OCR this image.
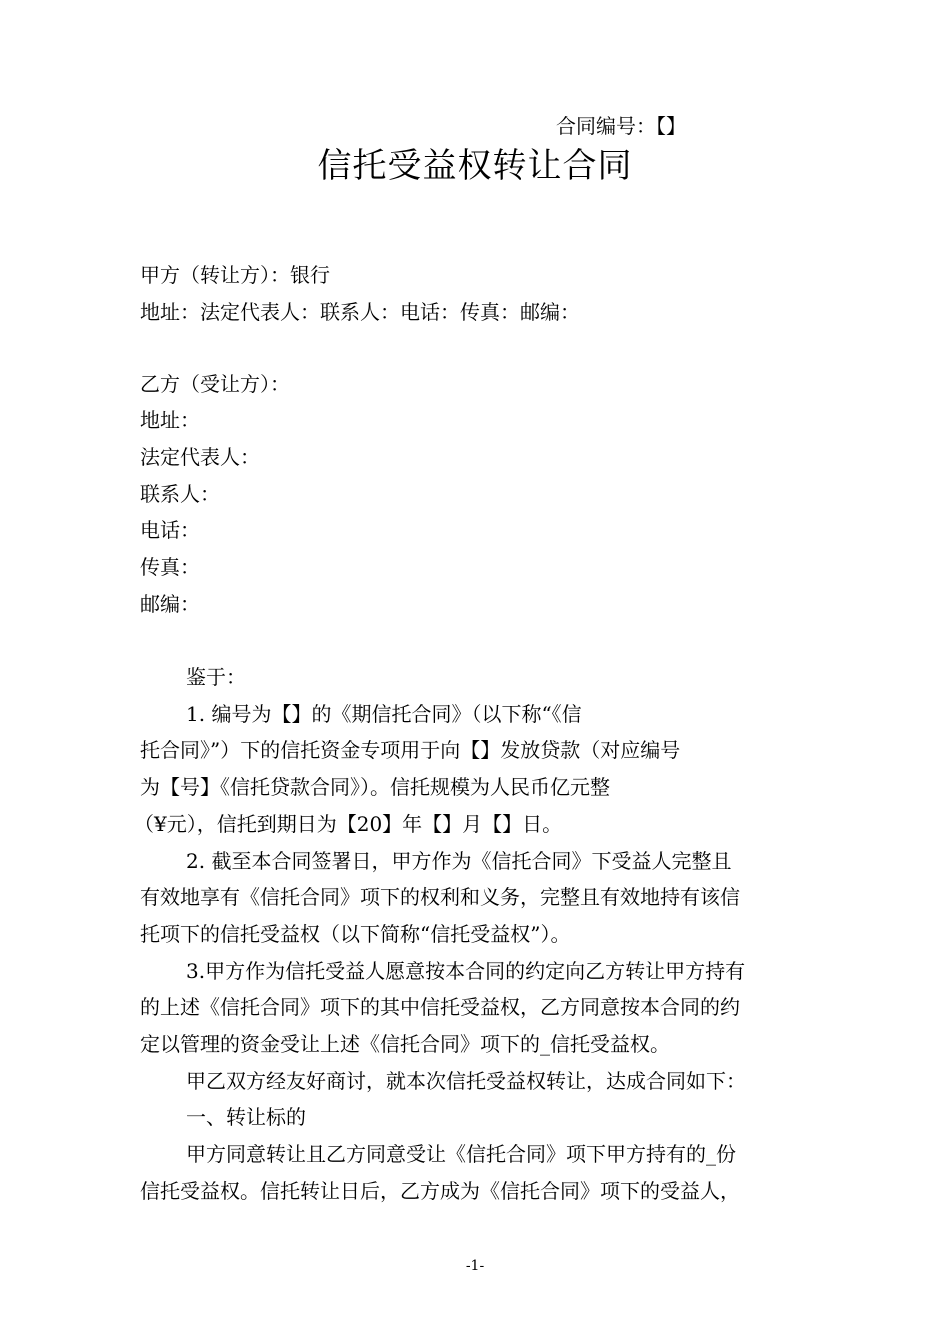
合同编号：【】
信托受益权转让合同
甲方（转让方）：银行
地址：法定代表人：联系人：电话：传真：邮编：
乙方（受让方）：
地址：
法定代表人：
联系人：
电话：
传真：
邮编：
鉴于：
1. 编号为【】的《期信托合同》（以下称“《信
托合同》”）下的信托资金专项用于向【】发放贷款（对应编号
为【号】《信托贷款合同》）。信托规模为人民币亿元整
（¥元），信托到期日为【20】年【】月【】日。
2. 截至本合同签署日，甲方作为《信托合同》下受益人完整且
有效地享有《信托合同》项下的权利和义务，完整且有效地持有该信
托项下的信托受益权（以下简称“信托受益权”）。
3.甲方作为信托受益人愿意按本合同的约定向乙方转让甲方持有
的上述《信托合同》项下的其中信托受益权，乙方同意按本合同的约
定以管理的资金受让上述《信托合同》项下的_信托受益权。
甲乙双方经友好商讨，就本次信托受益权转让，达成合同如下：
一、转让标的
甲方同意转让且乙方同意受让《信托合同》项下甲方持有的_份
信托受益权。信托转让日后，乙方成为《信托合同》项下的受益人，
-1-
